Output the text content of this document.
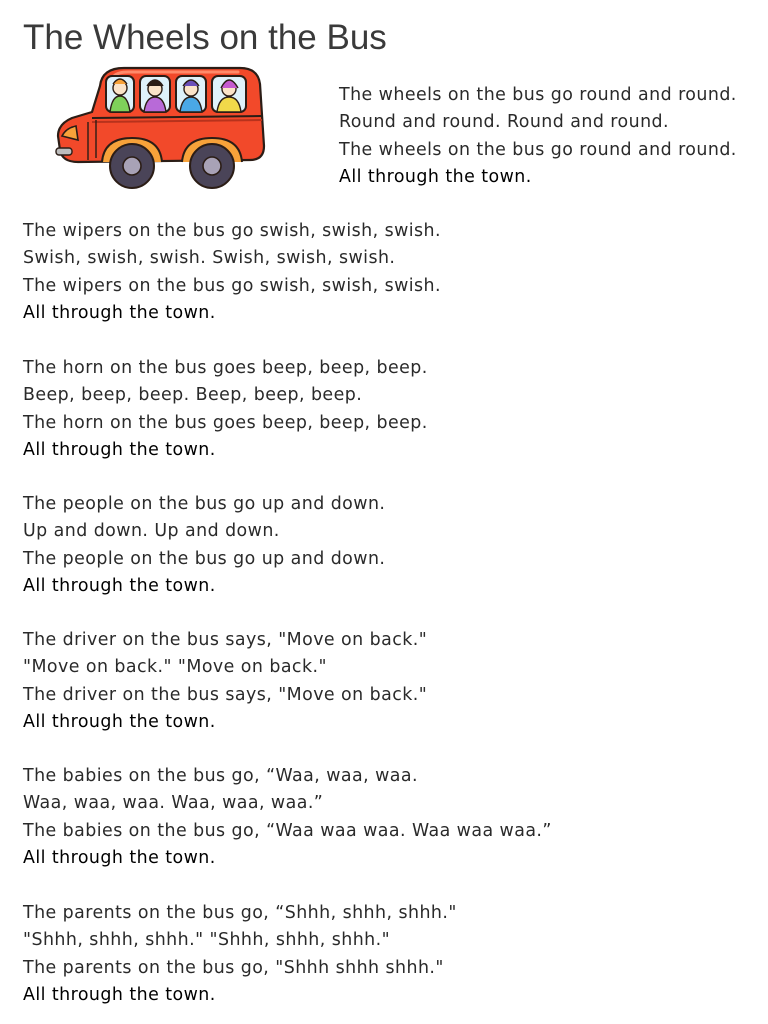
The Wheels on the Bus
The wheels on the bus go round and round.
Round and round. Round and round.
The wheels on the bus go round and round.
All through the town.
The wipers on the bus go swish, swish, swish.
Swish, swish, swish. Swish, swish, swish.
The wipers on the bus go swish, swish, swish.
All through the town.
The horn on the bus goes beep, beep, beep.
Beep, beep, beep. Beep, beep, beep.
The horn on the bus goes beep, beep, beep.
All through the town.
The people on the bus go up and down.
Up and down. Up and down.
The people on the bus go up and down.
All through the town.
The driver on the bus says, "Move on back."
"Move on back." "Move on back."
The driver on the bus says, "Move on back."
All through the town.
The babies on the bus go, “Waa, waa, waa.
Waa, waa, waa. Waa, waa, waa.”
The babies on the bus go, “Waa waa waa. Waa waa waa.”
All through the town.
The parents on the bus go, “Shhh, shhh, shhh."
"Shhh, shhh, shhh." "Shhh, shhh, shhh."
The parents on the bus go, "Shhh shhh shhh."
All through the town.
